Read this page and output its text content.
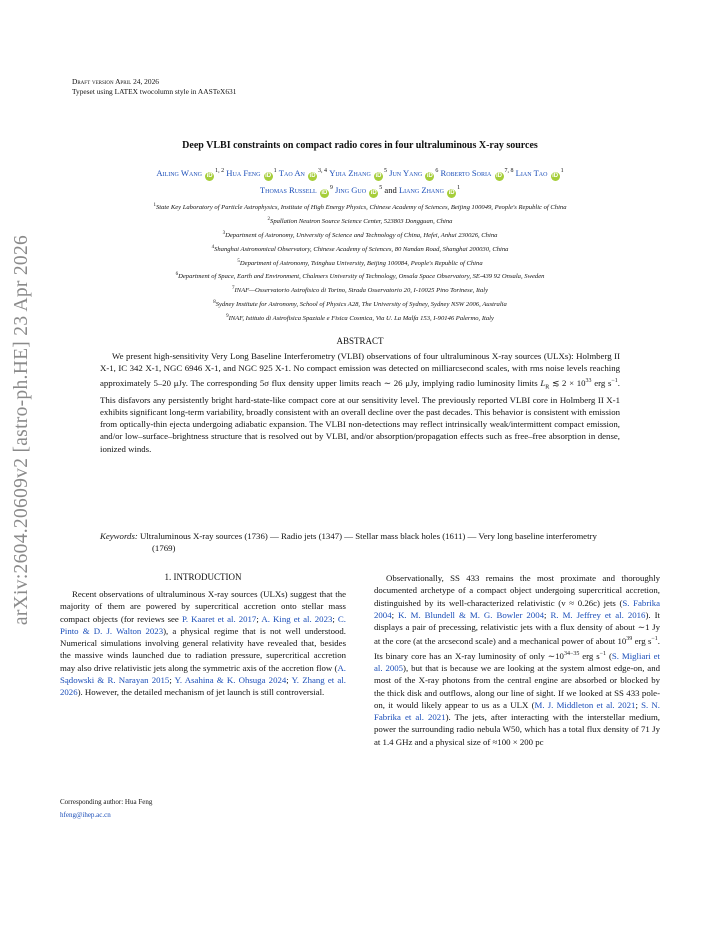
arXiv:2604.20609v2 [astro-ph.HE] 23 Apr 2026
Draft version April 24, 2026
Typeset using LATEX twocolumn style in AASTeX631
Deep VLBI constraints on compact radio cores in four ultraluminous X-ray sources
Ailing Wang iD$^{1, 2}$ Hua Feng $iD^1$ Tao An iD$^{3, 4}$ Yijia Zhang $iD^5$ Jun Yang $iD^6$ Roberto Soria iD$^{7, 8}$ Lian Tao $iD^1$
Thomas Russell $iD^9$ Jing Guo $iD^5$ and Liang Zhang $iD^1$
$^1$State Key Laboratory of Particle Astrophysics, Institute of High Energy Physics, Chinese Academy of Sciences, Beijing 100049, People's Republic of China
$^2$Spallation Neutron Source Science Center, 523803 Dongguan, China
$^3$Department of Astronomy, University of Science and Technology of China, Hefei, Anhui 230026, China
$^4$Shanghai Astronomical Observatory, Chinese Academy of Sciences, 80 Nandan Road, Shanghai 200030, China
$^5$Department of Astronomy, Tsinghua University, Beijing 100084, People's Republic of China
$^6$Department of Space, Earth and Environment, Chalmers University of Technology, Onsala Space Observatory, SE-439 92 Onsala, Sweden
$^7$INAF—Osservatorio Astrofisico di Torino, Strada Osservatorio 20, I-10025 Pino Torinese, Italy
$^8$Sydney Institute for Astronomy, School of Physics A28, The University of Sydney, Sydney NSW 2006, Australia
$^9$INAF, Istituto di Astrofisica Spaziale e Fisica Cosmica, Via U. La Malfa 153, I-90146 Palermo, Italy
ABSTRACT
We present high-sensitivity Very Long Baseline Interferometry (VLBI) observations of four ultraluminous X-ray sources (ULXs): Holmberg II X-1, IC 342 X-1, NGC 6946 X-1, and NGC 925 X-1. No compact emission was detected on milliarcsecond scales, with rms noise levels reaching approximately 5–20 μJy. The corresponding 5σ flux density upper limits reach ∼ 26 μJy, implying radio luminosity limits $L_R$ ≲ $2 \times 10^{33}$ erg $s^{-1}$. This disfavors any persistently bright hard-state-like compact core at our sensitivity level. The previously reported VLBI core in Holmberg II X-1 exhibits significant long-term variability, broadly consistent with an overall decline over the past decades. This behavior is consistent with emission from optically-thin ejecta undergoing adiabatic expansion. The VLBI non-detections may reflect intrinsically weak/intermittent compact emission, and/or low–surface–brightness structure that is resolved out by VLBI, and/or absorption/propagation effects such as free–free absorption in dense, ionized winds.
Keywords: Ultraluminous X-ray sources (1736) — Radio jets (1347) — Stellar mass black holes (1611) — Very long baseline interferometry (1769)
1. INTRODUCTION
Recent observations of ultraluminous X-ray sources (ULXs) suggest that the majority of them are powered by supercritical accretion onto stellar mass compact objects (for reviews see P. Kaaret et al. 2017; A. King et al. 2023; C. Pinto & D. J. Walton 2023), a physical regime that is not well understood. Numerical simulations involving general relativity have revealed that, besides the massive winds launched due to radiation pressure, supercritical accretion may also drive relativistic jets along the symmetric axis of the accretion flow (A. Sądowski & R. Narayan 2015; Y. Asahina & K. Ohsuga 2024; Y. Zhang et al. 2026). However, the detailed mechanism of jet launch is still controversial.
Corresponding author: Hua Feng
hfeng@ihep.ac.cn
Observationally, SS 433 remains the most proximate and thoroughly documented archetype of a compact object undergoing supercritical accretion, distinguished by its well-characterized relativistic (v ≈ 0.26c) jets (S. Fabrika 2004; K. M. Blundell & M. G. Bowler 2004; R. M. Jeffrey et al. 2016). It displays a pair of precessing, relativistic jets with a flux density of about ∼1 Jy at the core (at the arcsecond scale) and a mechanical power of about $10^{39}$ erg $s^{-1}$. Its binary core has an X-ray luminosity of only $\sim 10^{34-35}$ erg $s^{-1}$ (S. Migliari et al. 2005), but that is because we are looking at the system almost edge-on, and most of the X-ray photons from the central engine are absorbed or blocked by the thick disk and outflows, along our line of sight. If we looked at SS 433 pole-on, it would likely appear to us as a ULX (M. J. Middleton et al. 2021; S. N. Fabrika et al. 2021). The jets, after interacting with the interstellar medium, power the surrounding radio nebula W50, which has a total flux density of 71 Jy at 1.4 GHz and a physical size of ≈100 × 200 pc
